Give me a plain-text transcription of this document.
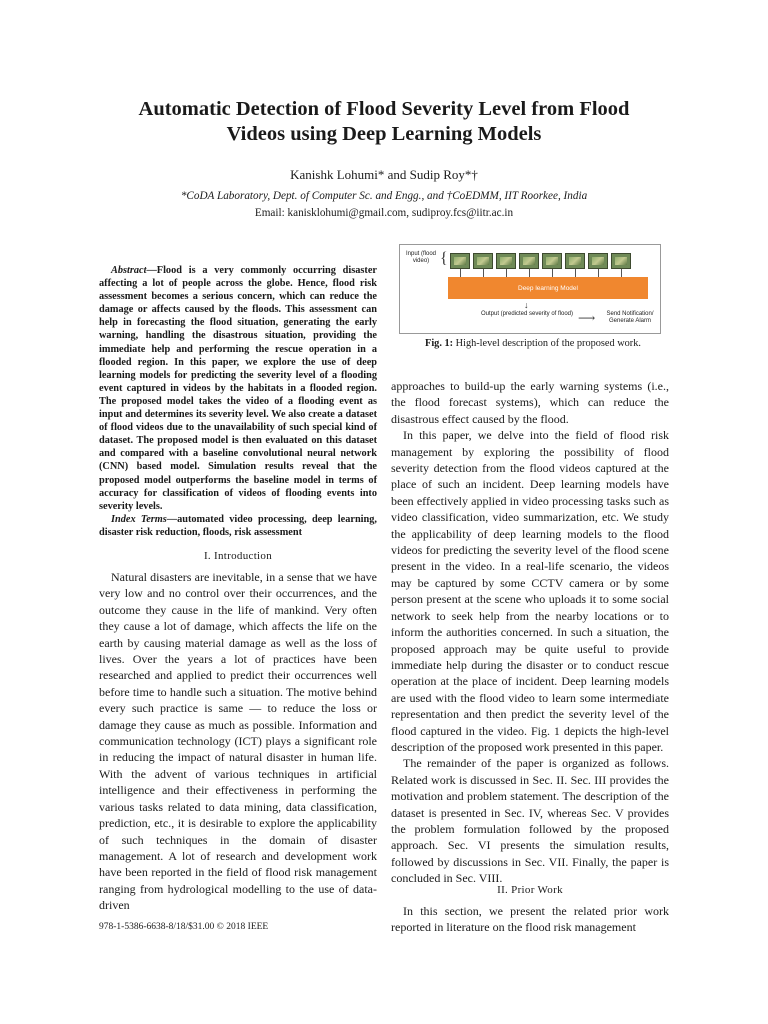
Automatic Detection of Flood Severity Level from Flood
Videos using Deep Learning Models
Kanishk Lohumi* and Sudip Roy*†
*CoDA Laboratory, Dept. of Computer Sc. and Engg., and †CoEDMM, IIT Roorkee, India
Email: kanisklohumi@gmail.com, sudiproy.fcs@iitr.ac.in

Abstract—Flood is a very commonly occurring disaster affecting a lot of people across the globe. Hence, flood risk assessment becomes a serious concern, which can reduce the damage or affects caused by the floods. This assessment can help in forecasting the flood situation, generating the early warning, handling the disastrous situation, providing the immediate help and performing the rescue operation in a flooded region. In this paper, we explore the use of deep learning models for predicting the severity level of a flooding event captured in videos by the habitats in a flooded region. The proposed model takes the video of a flooding event as input and determines its severity level. We also create a dataset of flood videos due to the unavailability of such special kind of dataset. The proposed model is then evaluated on this dataset and compared with a baseline convolutional neural network (CNN) based model. Simulation results reveal that the proposed model outperforms the baseline model in terms of accuracy for classification of videos of flooding events into severity levels.

Index Terms—automated video processing, deep learning, disaster risk reduction, floods, risk assessment

I. Introduction

Natural disasters are inevitable, in a sense that we have very low and no control over their occurrences, and the outcome they cause in the life of mankind. Very often they cause a lot of damage, which affects the life on the earth by causing material damage as well as the loss of lives. Over the years a lot of practices have been researched and applied to predict their occurrences well before time to handle such a situation. The motive behind every such practice is same — to reduce the loss or damage they cause as much as possible. Information and communication technology (ICT) plays a significant role in reducing the impact of natural disaster in human life. With the advent of various techniques in artificial intelligence and their effectiveness in performing the various tasks related to data mining, data classification, prediction, etc., it is desirable to explore the applicability of such techniques in the domain of disaster management. A lot of research and development work have been reported in the field of flood risk management ranging from hydrological modelling to the use of data-driven

Input (flood video) {
Deep learning Model
↓
Output (predicted severity of flood) ⟶	Send Notification/ Generate Alarm
Fig. 1: High-level description of the proposed work.

approaches to build-up the early warning systems (i.e., the flood forecast systems), which can reduce the disastrous effect caused by the flood.

In this paper, we delve into the field of flood risk management by exploring the possibility of flood severity detection from the flood videos captured at the place of such an incident. Deep learning models have been effectively applied in video processing tasks such as video classification, video summarization, etc. We study the applicability of deep learning models to the flood videos for predicting the severity level of the flood scene present in the video. In a real-life scenario, the videos may be captured by some CCTV camera or by some person present at the scene who uploads it to some social network to seek help from the nearby locations or to inform the authorities concerned. In such a situation, the proposed approach may be quite useful to provide immediate help during the disaster or to conduct rescue operation at the place of incident. Deep learning models are used with the flood video to learn some intermediate representation and then predict the severity level of the flood captured in the video. Fig. 1 depicts the high-level description of the proposed work presented in this paper.

The remainder of the paper is organized as follows. Related work is discussed in Sec. II. Sec. III provides the motivation and problem statement. The description of the dataset is presented in Sec. IV, whereas Sec. V provides the problem formulation followed by the proposed approach. Sec. VI presents the simulation results, followed by discussions in Sec. VII. Finally, the paper is concluded in Sec. VIII.

II. Prior Work

In this section, we present the related prior work reported in literature on the flood risk management

978-1-5386-6638-8/18/$31.00 © 2018 IEEE
